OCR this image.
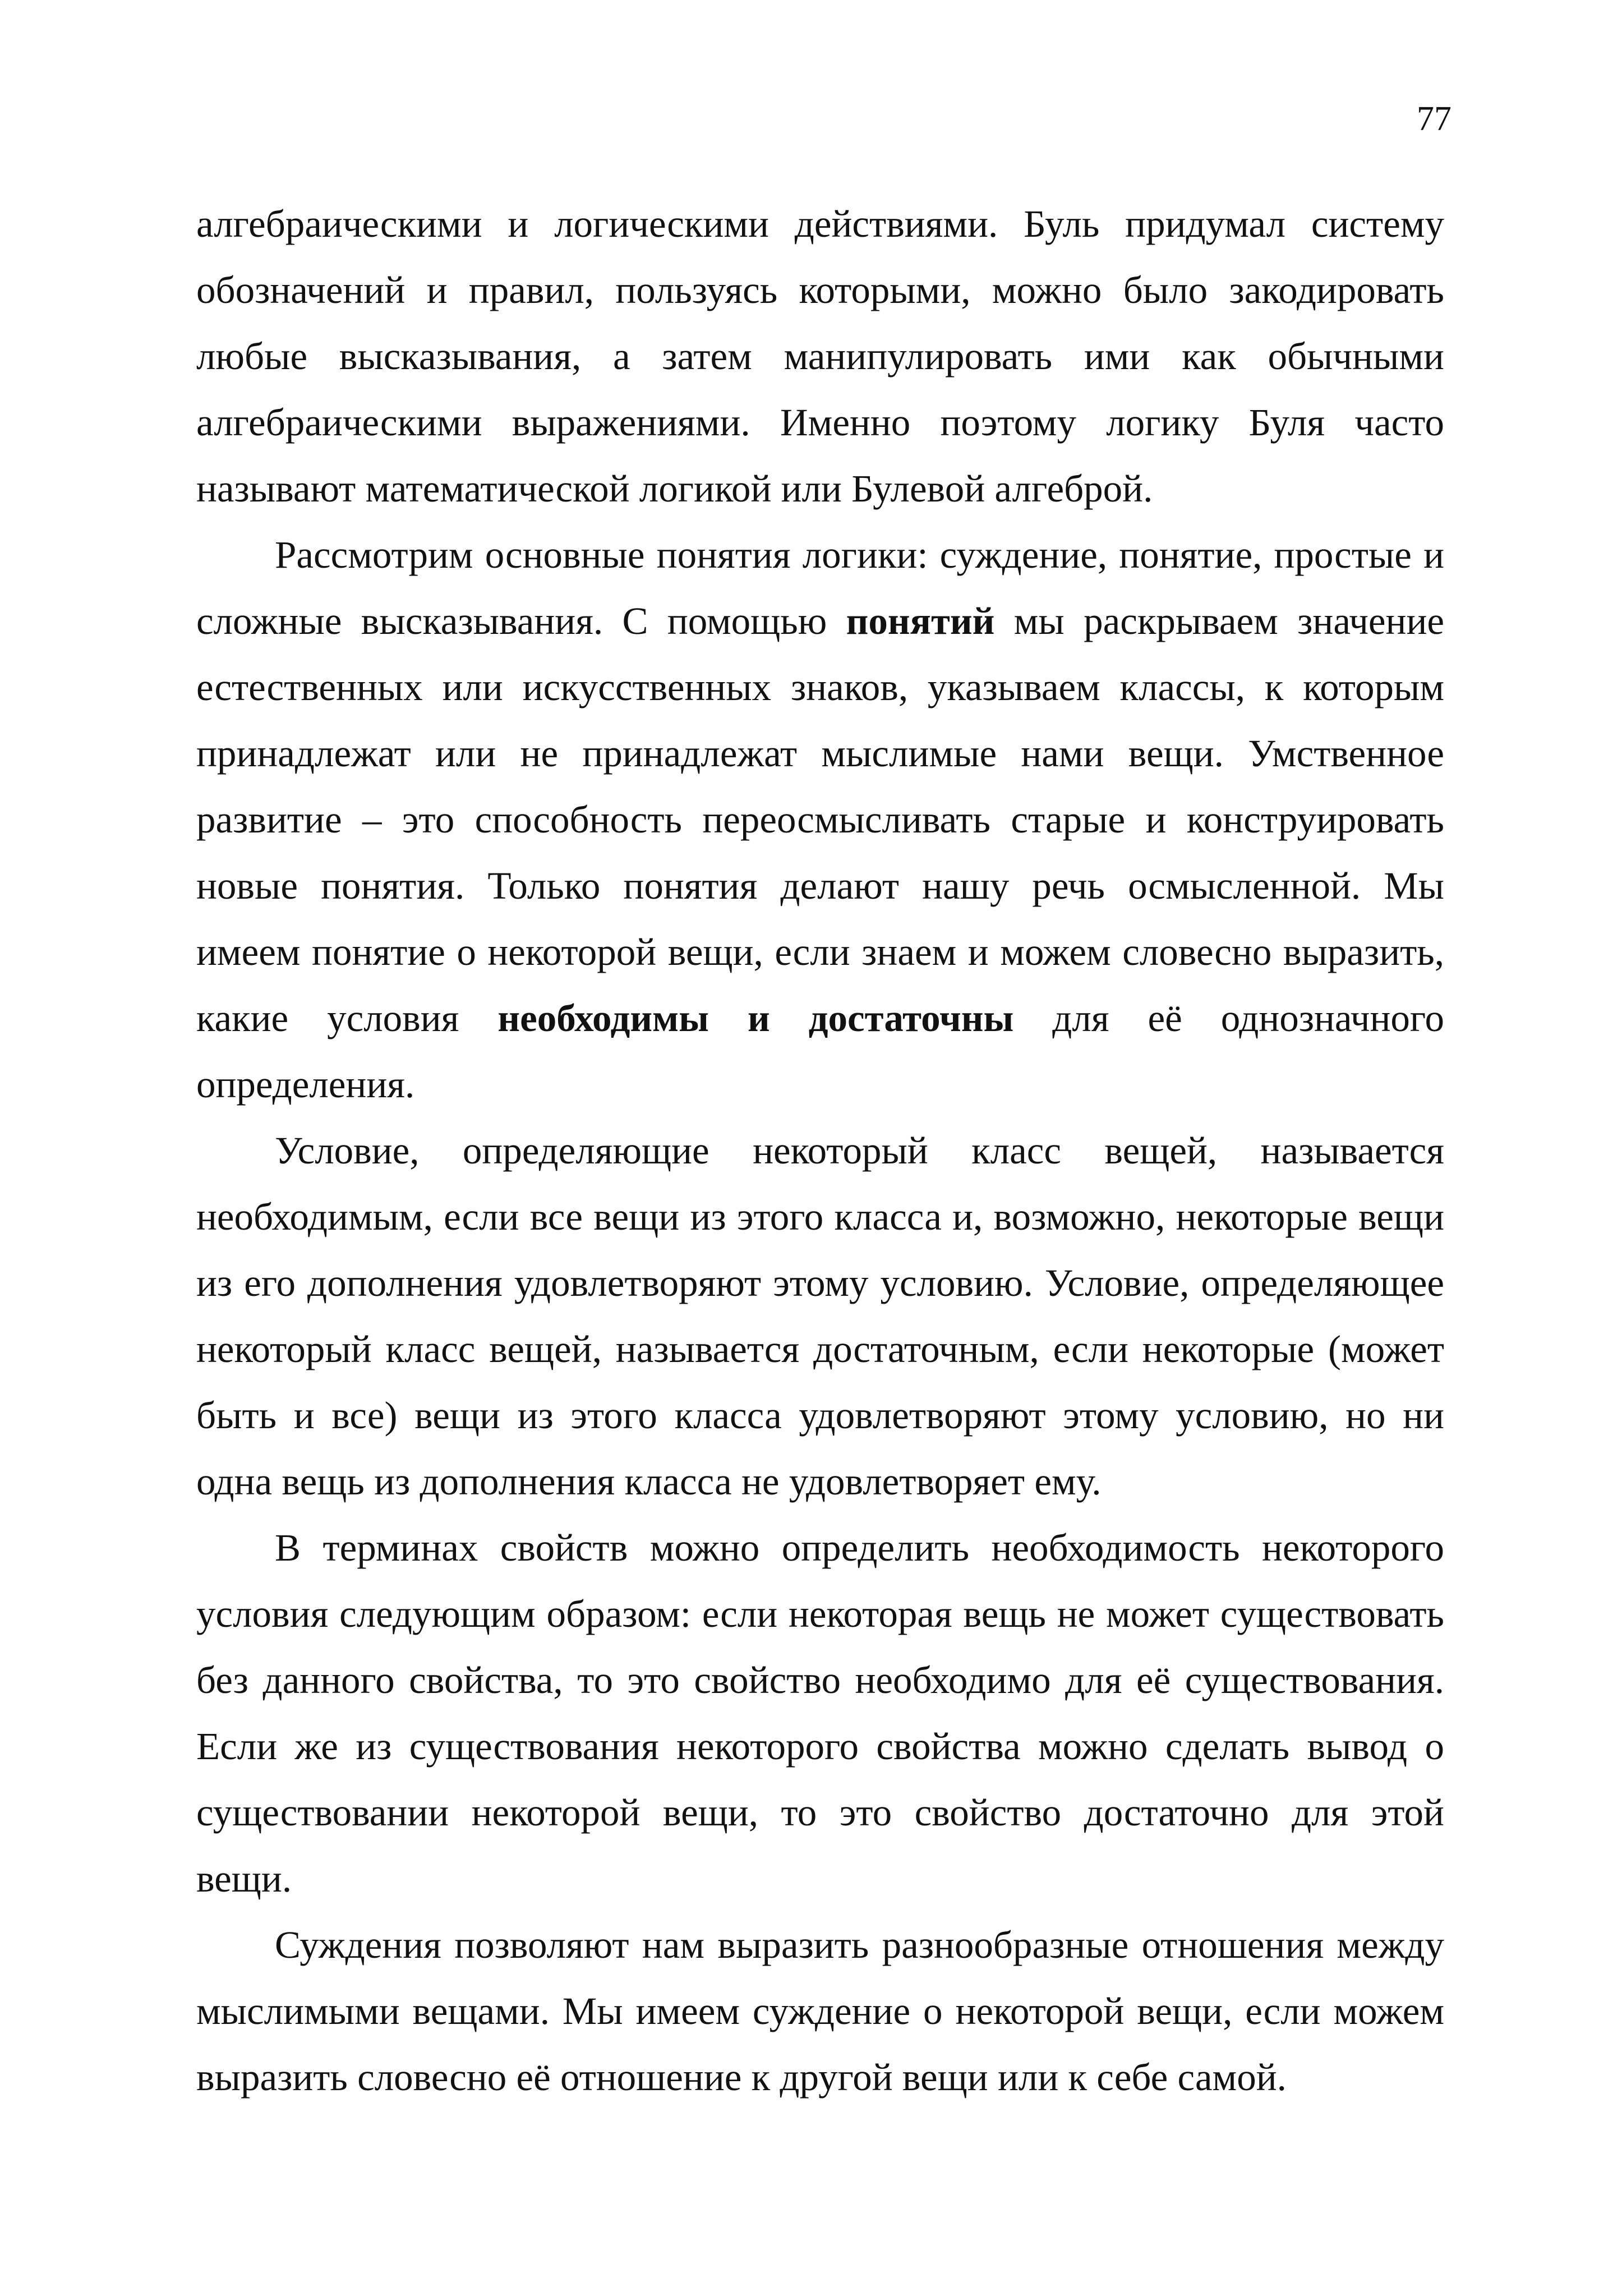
77

алгебраическими и логическими действиями. Буль придумал систему обозначений и правил, пользуясь которыми, можно было закодировать любые высказывания, а затем манипулировать ими как обычными алгебраическими выражениями. Именно поэтому логику Буля часто называют математической логикой или Булевой алгеброй.

Рассмотрим основные понятия логики: суждение, понятие, простые и сложные высказывания. С помощью понятий мы раскрываем значение естественных или искусственных знаков, указываем классы, к которым принадлежат или не принадлежат мыслимые нами вещи. Умственное развитие – это способность переосмысливать старые и конструировать новые понятия. Только понятия делают нашу речь осмысленной. Мы имеем понятие о некоторой вещи, если знаем и можем словесно выразить, какие условия необходимы и достаточны для её однозначного определения.

Условие, определяющие некоторый класс вещей, называется необходимым, если все вещи из этого класса и, возможно, некоторые вещи из его дополнения удовлетворяют этому условию. Условие, определяющее некоторый класс вещей, называется достаточным, если некоторые (может быть и все) вещи из этого класса удовлетворяют этому условию, но ни одна вещь из дополнения класса не удовлетворяет ему.

В терминах свойств можно определить необходимость некоторого условия следующим образом: если некоторая вещь не может существовать без данного свойства, то это свойство необходимо для её существования. Если же из существования некоторого свойства можно сделать вывод о существовании некоторой вещи, то это свойство достаточно для этой вещи.

Суждения позволяют нам выразить разнообразные отношения между мыслимыми вещами. Мы имеем суждение о некоторой вещи, если можем выразить словесно её отношение к другой вещи или к себе самой.
